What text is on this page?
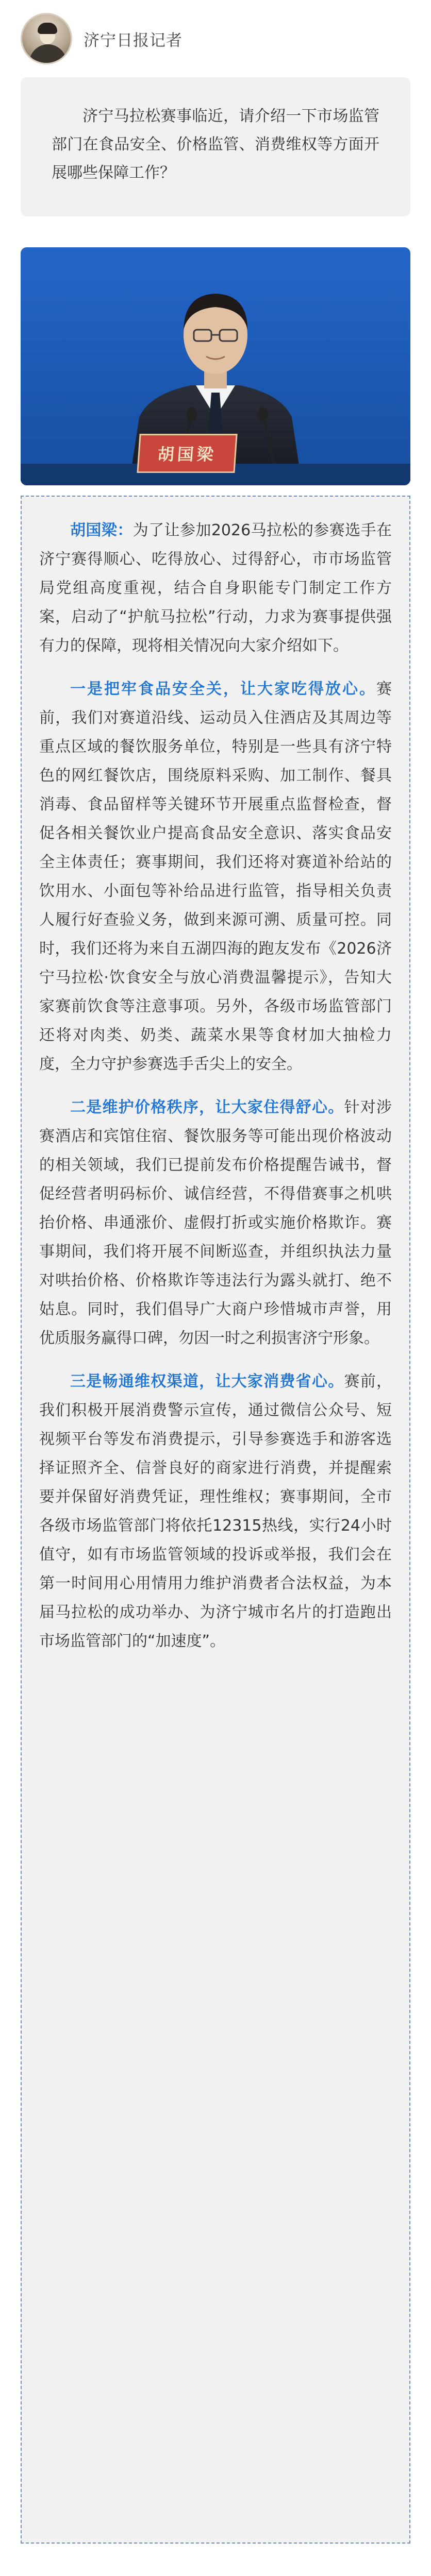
济宁日报记者
济宁马拉松赛事临近，请介绍一下市场监管部门在食品安全、价格监管、消费维权等方面开展哪些保障工作？
胡国梁

胡国梁：为了让参加2026马拉松的参赛选手在济宁赛得顺心、吃得放心、过得舒心，市市场监管局党组高度重视，结合自身职能专门制定工作方案，启动了“护航马拉松”行动，力求为赛事提供强有力的保障，现将相关情况向大家介绍如下。

一是把牢食品安全关，让大家吃得放心。赛前，我们对赛道沿线、运动员入住酒店及其周边等重点区域的餐饮服务单位，特别是一些具有济宁特色的网红餐饮店，围绕原料采购、加工制作、餐具消毒、食品留样等关键环节开展重点监督检查，督促各相关餐饮业户提高食品安全意识、落实食品安全主体责任；赛事期间，我们还将对赛道补给站的饮用水、小面包等补给品进行监管，指导相关负责人履行好查验义务，做到来源可溯、质量可控。同时，我们还将为来自五湖四海的跑友发布《2026济宁马拉松·饮食安全与放心消费温馨提示》，告知大家赛前饮食等注意事项。另外，各级市场监管部门还将对肉类、奶类、蔬菜水果等食材加大抽检力度，全力守护参赛选手舌尖上的安全。

二是维护价格秩序，让大家住得舒心。针对涉赛酒店和宾馆住宿、餐饮服务等可能出现价格波动的相关领域，我们已提前发布价格提醒告诫书，督促经营者明码标价、诚信经营，不得借赛事之机哄抬价格、串通涨价、虚假打折或实施价格欺诈。赛事期间，我们将开展不间断巡查，并组织执法力量对哄抬价格、价格欺诈等违法行为露头就打、绝不姑息。同时，我们倡导广大商户珍惜城市声誉，用优质服务赢得口碑，勿因一时之利损害济宁形象。

三是畅通维权渠道，让大家消费省心。赛前，我们积极开展消费警示宣传，通过微信公众号、短视频平台等发布消费提示，引导参赛选手和游客选择证照齐全、信誉良好的商家进行消费，并提醒索要并保留好消费凭证，理性维权；赛事期间，全市各级市场监管部门将依托12315热线，实行24小时值守，如有市场监管领域的投诉或举报，我们会在第一时间用心用情用力维护消费者合法权益，为本届马拉松的成功举办、为济宁城市名片的打造跑出市场监管部门的“加速度”。
